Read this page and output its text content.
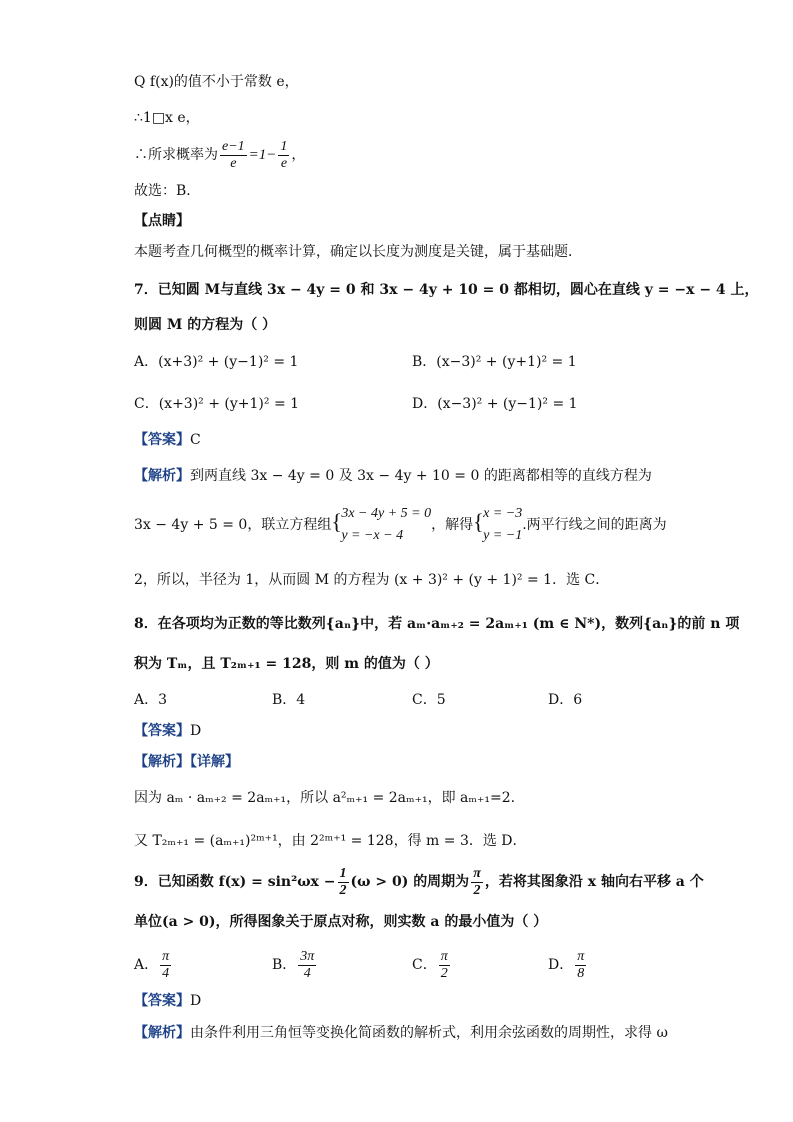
Q f(x)的值不小于常数 e，
∴1□x e，
∴所求概率为 $\frac{e-1}{e} =1- \frac{1}{e}$ ，
故选：B．
【点睛】
本题考查几何概型的概率计算，确定以长度为测度是关键，属于基础题．
7．已知圆 M与直线 3x − 4y = 0 和 3x − 4y + 10 = 0 都相切，圆心在直线 y = −x − 4 上，
则圆 M 的方程为（ ）
A．(x+3)² + (y−1)² = 1	B．(x−3)² + (y+1)² = 1
C．(x+3)² + (y+1)² = 1	D．(x−3)² + (y−1)² = 1
【答案】C
【解析】到两直线 3x − 4y = 0 及 3x − 4y + 10 = 0 的距离都相等的直线方程为
3x − 4y + 5 = 0，联立方程组
{ 3x − 4y + 5 = 0
y = −x − 4
，解得
{ x = −3
y = −1
.两平行线之间的距离为
2，所以，半径为 1，从而圆 M 的方程为 (x + 3)² + (y + 1)² = 1．选 C．
8．在各项均为正数的等比数列{aₙ}中，若 aₘ·aₘ₊₂ = 2aₘ₊₁ (m ∈ N*)，数列{aₙ}的前 n 项
积为 Tₘ，且 T₂ₘ₊₁ = 128，则 m 的值为（ ）
A．3	B．4	C．5	D．6
【答案】D
【解析】【详解】
因为 aₘ · aₘ₊₂ = 2aₘ₊₁，所以 a²ₘ₊₁ = 2aₘ₊₁，即 aₘ₊₁=2.
又 T₂ₘ₊₁ = (aₘ₊₁)²ᵐ⁺¹，由 2²ᵐ⁺¹ = 128，得 m = 3．选 D．
9．已知函数 $f(x) = \sin^2\omega x - \frac{1}{2} (\omega > 0)$ 的周期为 $\frac{\pi}{2}$ ，若将其图象沿 x 轴向右平移 a 个
单位(a > 0)，所得图象关于原点对称，则实数 a 的最小值为（ ）
A． $\frac{\pi}{4}$	B． $\frac{3\pi}{4}$	C． $\frac{\pi}{2}$	D． $\frac{\pi}{8}$
【答案】D
【解析】由条件利用三角恒等变换化简函数的解析式，利用余弦函数的周期性，求得 ω
